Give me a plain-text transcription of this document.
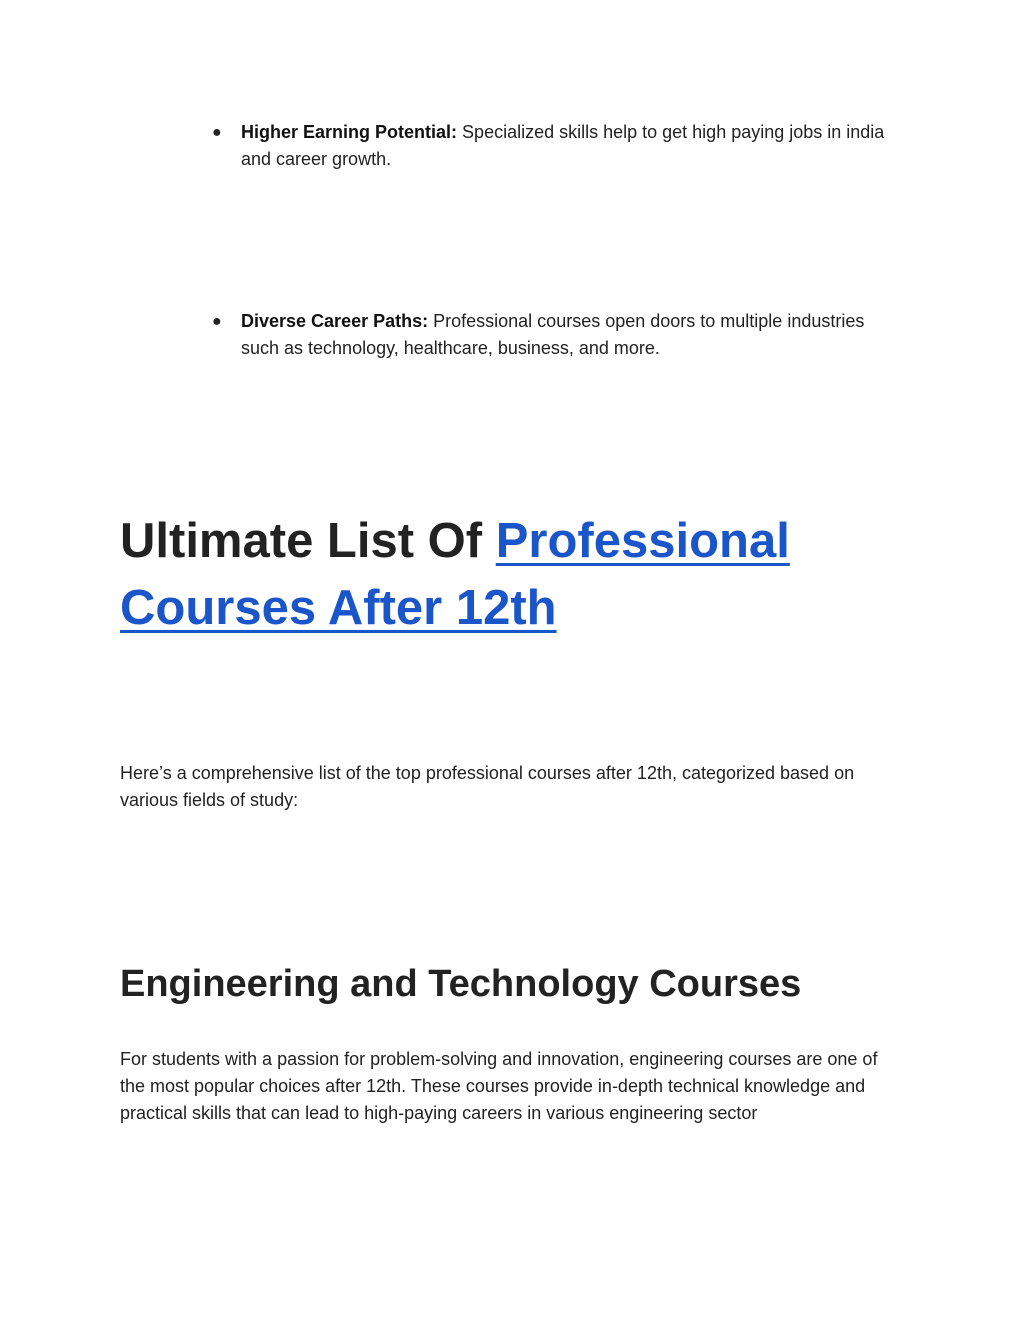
● Higher Earning Potential: Specialized skills help to get high paying jobs in india and career growth.
● Diverse Career Paths: Professional courses open doors to multiple industries such as technology, healthcare, business, and more.
Ultimate List Of Professional Courses After 12th

Here’s a comprehensive list of the top professional courses after 12th, categorized based on various fields of study:

Engineering and Technology Courses

For students with a passion for problem-solving and innovation, engineering courses are one of the most popular choices after 12th. These courses provide in-depth technical knowledge and practical skills that can lead to high-paying careers in various engineering sector
